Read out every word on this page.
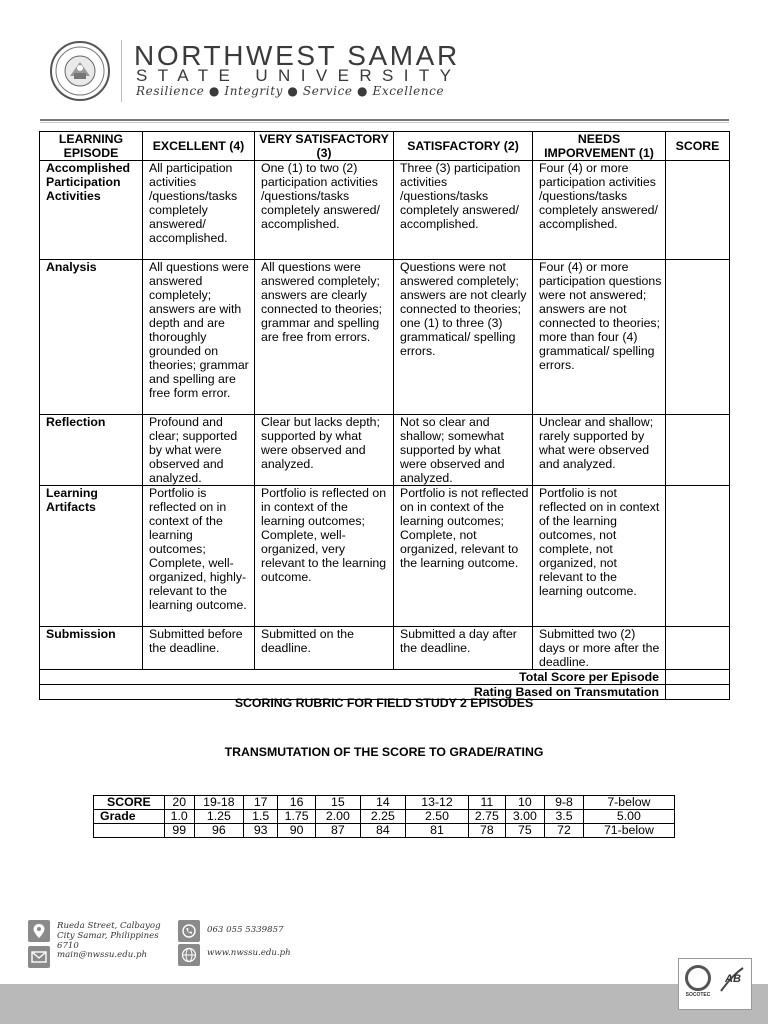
NORTHWEST SAMAR
STATE UNIVERSITY
Resilience ● Integrity ● Service ● Excellence
LEARNING EPISODE	EXCELLENT (4)	VERY SATISFACTORY (3)	SATISFACTORY (2)	NEEDS IMPORVEMENT (1)	SCORE
Accomplished Participation Activities	All participation activities /questions/tasks completely answered/ accomplished.	One (1) to two (2) participation activities /questions/tasks completely answered/ accomplished.	Three (3) participation activities /questions/tasks completely answered/ accomplished.	Four (4) or more participation activities /questions/tasks completely answered/ accomplished.	
Analysis	All questions were answered completely; answers are with depth and are thoroughly grounded on theories; grammar and spelling are free form error.	All questions were answered completely; answers are clearly connected to theories; grammar and spelling are free from errors.	Questions were not answered completely; answers are not clearly connected to theories; one (1) to three (3) grammatical/ spelling errors.	Four (4) or more participation questions were not answered; answers are not connected to theories; more than four (4) grammatical/ spelling errors.	
Reflection	Profound and clear; supported by what were observed and analyzed.	Clear but lacks depth; supported by what were observed and analyzed.	Not so clear and shallow; somewhat supported by what were observed and analyzed.	Unclear and shallow; rarely supported by what were observed and analyzed.	
Learning Artifacts	Portfolio is reflected on in context of the learning outcomes; Complete, well-organized, highly-relevant to the learning outcome.	Portfolio is reflected on in context of the learning outcomes; Complete, well-organized, very relevant to the learning outcome.	Portfolio is not reflected on in context of the learning outcomes; Complete, not organized, relevant to the learning outcome.	Portfolio is not reflected on in context of the learning outcomes, not complete, not organized, not relevant to the learning outcome.	
Submission	Submitted before the deadline.	Submitted on the deadline.	Submitted a day after the deadline.	Submitted two (2) days or more after the deadline.	
Total Score per Episode					
Rating Based on Transmutation					
SCORING RUBRIC FOR FIELD STUDY 2 EPISODES
TRANSMUTATION OF THE SCORE TO GRADE/RATING
SCORE	20	19-18	17	16	15	14	13-12	11	10	9-8	7-below
Grade	1.0	1.25	1.5	1.75	2.00	2.25	2.50	2.75	3.00	3.5	5.00
	99	96	93	90	87	84	81	78	75	72	71-below
Rueda Street, Calbayog City Samar, Philippines 6710
063 055 5339857
main@nwssu.edu.ph	www.nwssu.edu.ph
SOCOTEC
AB
